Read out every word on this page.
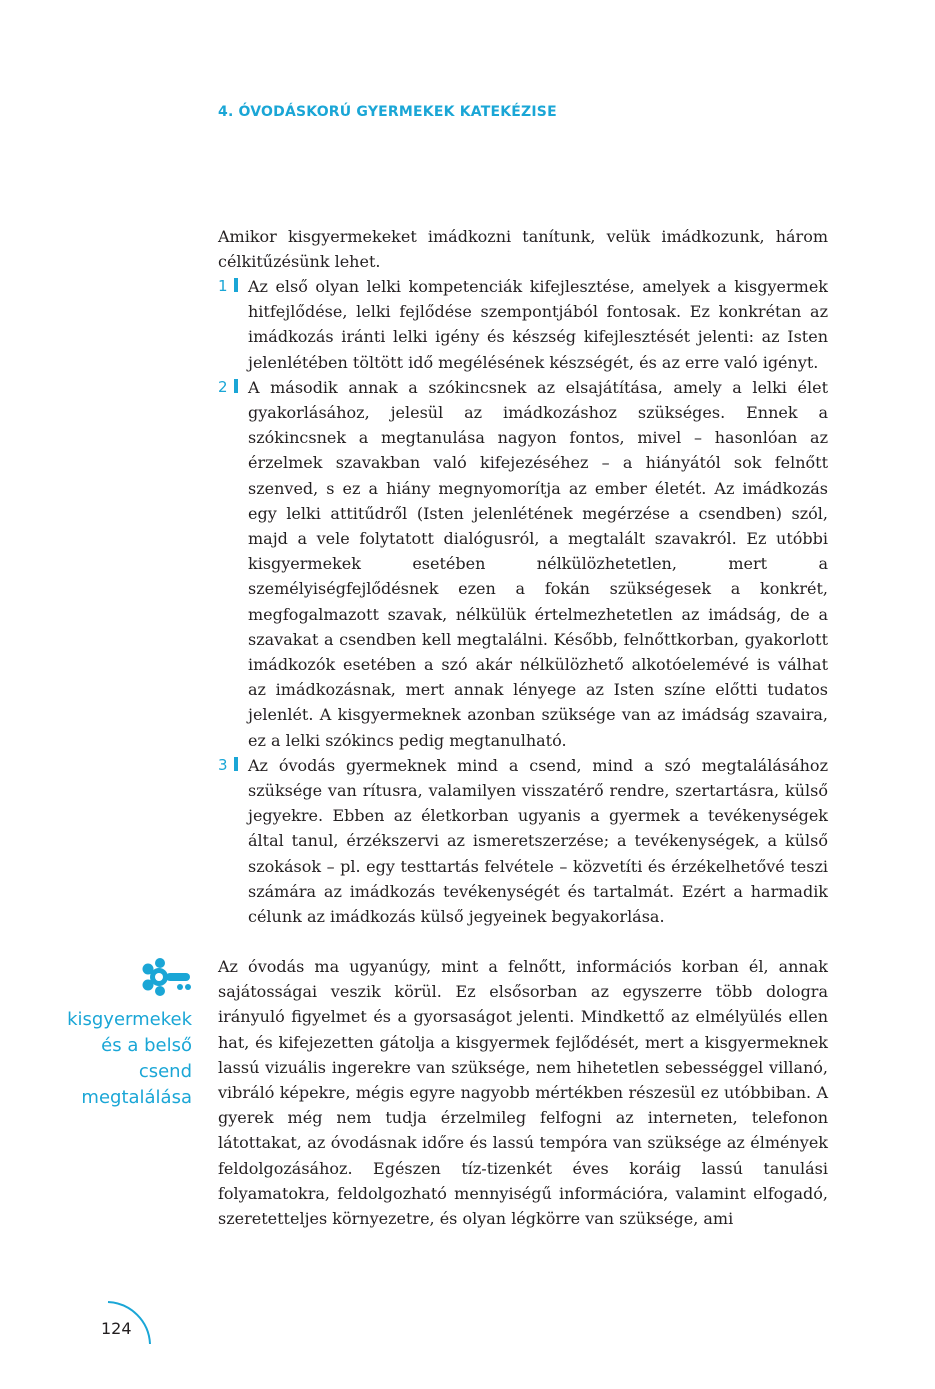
4. ÓVODÁSKORÚ GYERMEKEK KATEKÉZISE

Amikor kisgyermekeket imádkozni tanítunk, velük imádkozunk, három célkitűzésünk lehet.

1	Az első olyan lelki kompetenciák kifejlesztése, amelyek a kisgyermek hitfejlődése, lelki fejlődése szempontjából fontosak. Ez konkrétan az imádkozás iránti lelki igény és készség kifejlesztését jelenti: az Isten jelenlétében töltött idő megélésének készségét, és az erre való igényt.
2	A második annak a szókincsnek az elsajátítása, amely a lelki élet gyakorlásához, jelesül az imádkozáshoz szükséges. Ennek a szókincsnek a megtanulása nagyon fontos, mivel – hasonlóan az érzelmek szavakban való kifejezéséhez – a hiányától sok felnőtt szenved, s ez a hiány megnyomorítja az ember életét. Az imádkozás egy lelki attitűdről (Isten jelenlétének megérzése a csendben) szól, majd a vele folytatott dialógusról, a megtalált szavakról. Ez utóbbi kisgyermekek esetében nélkülözhetetlen, mert a személyiségfejlődésnek ezen a fokán szükségesek a konkrét, megfogalmazott szavak, nélkülük értelmezhetetlen az imádság, de a szavakat a csendben kell megtalálni. Később, felnőttkorban, gyakorlott imádkozók esetében a szó akár nélkülözhető alkotóelemévé is válhat az imádkozásnak, mert annak lényege az Isten színe előtti tudatos jelenlét. A kisgyermeknek azonban szüksége van az imádság szavaira, ez a lelki szókincs pedig megtanulható.
3	Az óvodás gyermeknek mind a csend, mind a szó megtalálásához szüksége van rítusra, valamilyen visszatérő rendre, szertartásra, külső jegyekre. Ebben az életkorban ugyanis a gyermek a tevékenységek által tanul, érzékszervi az ismeretszerzése; a tevékenységek, a külső szokások – pl. egy testtartás felvétele – közvetíti és érzékelhetővé teszi számára az imádkozás tevékenységét és tartalmát. Ezért a harmadik célunk az imádkozás külső jegyeinek begyakorlása.
kisgyermekek
és a belső
csend
megtalálása

Az óvodás ma ugyanúgy, mint a felnőtt, információs korban él, annak sajátosságai veszik körül. Ez elsősorban az egyszerre több dologra irányuló figyelmet és a gyorsaságot jelenti. Mindkettő az elmélyülés ellen hat, és kifejezetten gátolja a kisgyermek fejlődését, mert a kisgyermeknek lassú vizuális ingerekre van szüksége, nem hihetetlen sebességgel villanó, vibráló képekre, mégis egyre nagyobb mértékben részesül ez utóbbiban. A gyerek még nem tudja érzelmileg felfogni az interneten, telefonon látottakat, az óvodásnak időre és lassú tempóra van szüksége az élmények feldolgozásához. Egészen tíz-tizenkét éves koráig lassú tanulási folyamatokra, feldolgozható mennyiségű információra, valamint elfogadó, szeretetteljes környezetre, és olyan légkörre van szüksége, ami

124
